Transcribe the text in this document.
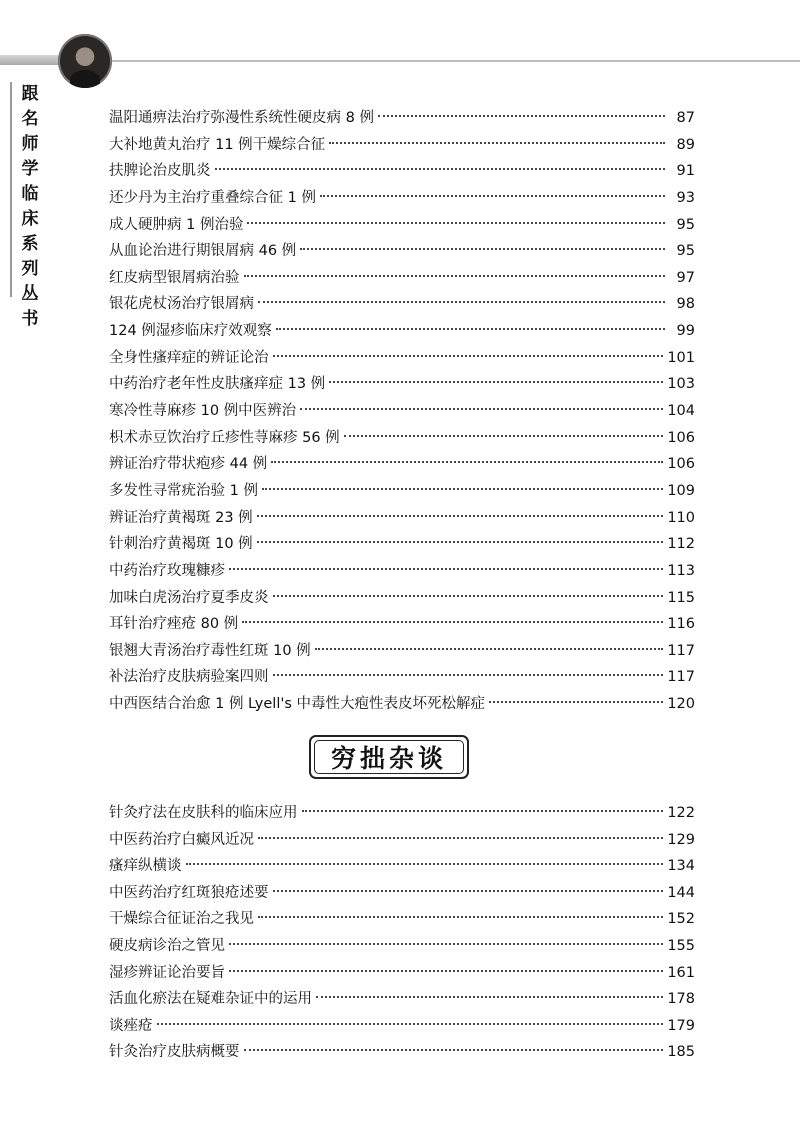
跟
名
师
学
临
床
系
列
丛
书
温阳通痹法治疗弥漫性系统性硬皮病 8 例	87
大补地黄丸治疗 11 例干燥综合征	89
扶脾论治皮肌炎	91
还少丹为主治疗重叠综合征 1 例	93
成人硬肿病 1 例治验	95
从血论治进行期银屑病 46 例	95
红皮病型银屑病治验	97
银花虎杖汤治疗银屑病	98
124 例湿疹临床疗效观察	99
全身性瘙痒症的辨证论治	101
中药治疗老年性皮肤瘙痒症 13 例	103
寒冷性荨麻疹 10 例中医辨治	104
枳术赤豆饮治疗丘疹性荨麻疹 56 例	106
辨证治疗带状疱疹 44 例	106
多发性寻常疣治验 1 例	109
辨证治疗黄褐斑 23 例	110
针刺治疗黄褐斑 10 例	112
中药治疗玫瑰糠疹	113
加味白虎汤治疗夏季皮炎	115
耳针治疗痤疮 80 例	116
银翘大青汤治疗毒性红斑 10 例	117
补法治疗皮肤病验案四则	117
中西医结合治愈 1 例 Lyell's 中毒性大疱性表皮坏死松解症	120
穷拙杂谈
针灸疗法在皮肤科的临床应用	122
中医药治疗白癜风近况	129
瘙痒纵横谈	134
中医药治疗红斑狼疮述要	144
干燥综合征证治之我见	152
硬皮病诊治之管见	155
湿疹辨证论治要旨	161
活血化瘀法在疑难杂证中的运用	178
谈痤疮	179
针灸治疗皮肤病概要	185
